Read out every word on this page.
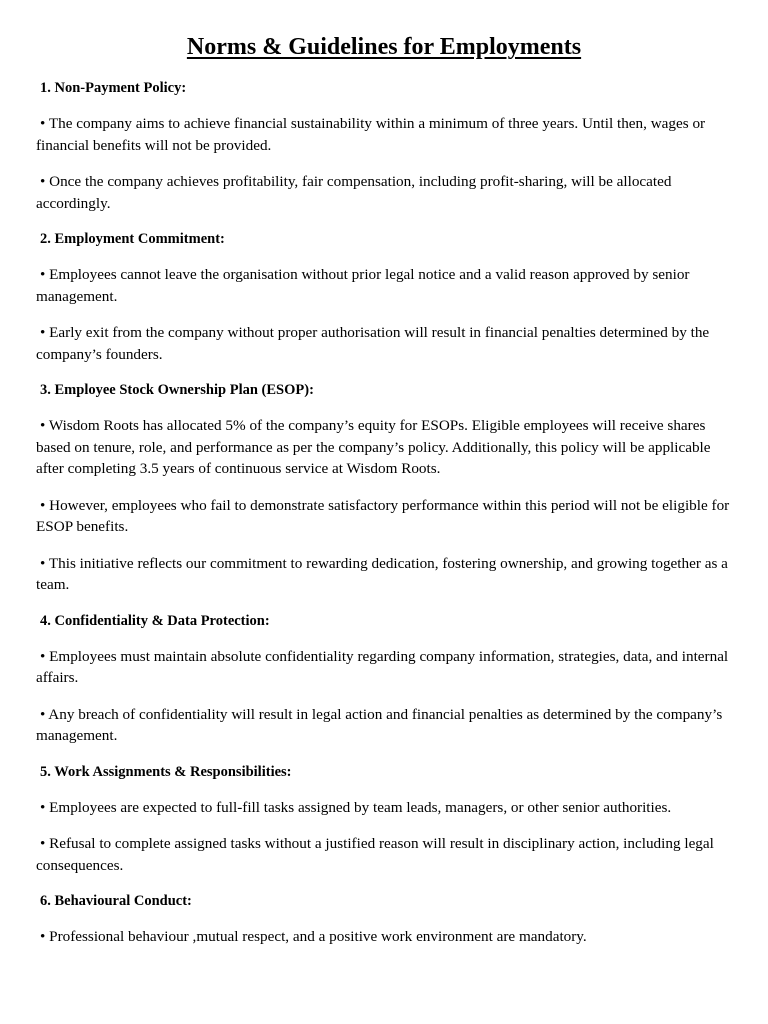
Norms & Guidelines for Employments

1. Non-Payment Policy:

• The company aims to achieve financial sustainability within a minimum of three years. Until then, wages or financial benefits will not be provided.

• Once the company achieves profitability, fair compensation, including profit-sharing, will be allocated accordingly.

2. Employment Commitment:

• Employees cannot leave the organisation without prior legal notice and a valid reason approved by senior management.

• Early exit from the company without proper authorisation will result in financial penalties determined by the company’s founders.

3. Employee Stock Ownership Plan (ESOP):

• Wisdom Roots has allocated 5% of the company’s equity for ESOPs. Eligible employees will receive shares based on tenure, role, and performance as per the company’s policy. Additionally, this policy will be applicable after completing 3.5 years of continuous service at Wisdom Roots.

• However, employees who fail to demonstrate satisfactory performance within this period will not be eligible for ESOP benefits.

• This initiative reflects our commitment to rewarding dedication, fostering ownership, and growing together as a team.

4. Confidentiality & Data Protection:

• Employees must maintain absolute confidentiality regarding company information, strategies, data, and internal affairs.

• Any breach of confidentiality will result in legal action and financial penalties as determined by the company’s management.

5. Work Assignments & Responsibilities:

• Employees are expected to full-fill tasks assigned by team leads, managers, or other senior authorities.

• Refusal to complete assigned tasks without a justified reason will result in disciplinary action, including legal consequences.

6. Behavioural Conduct:

• Professional behaviour ,mutual respect, and a positive work environment are mandatory.
